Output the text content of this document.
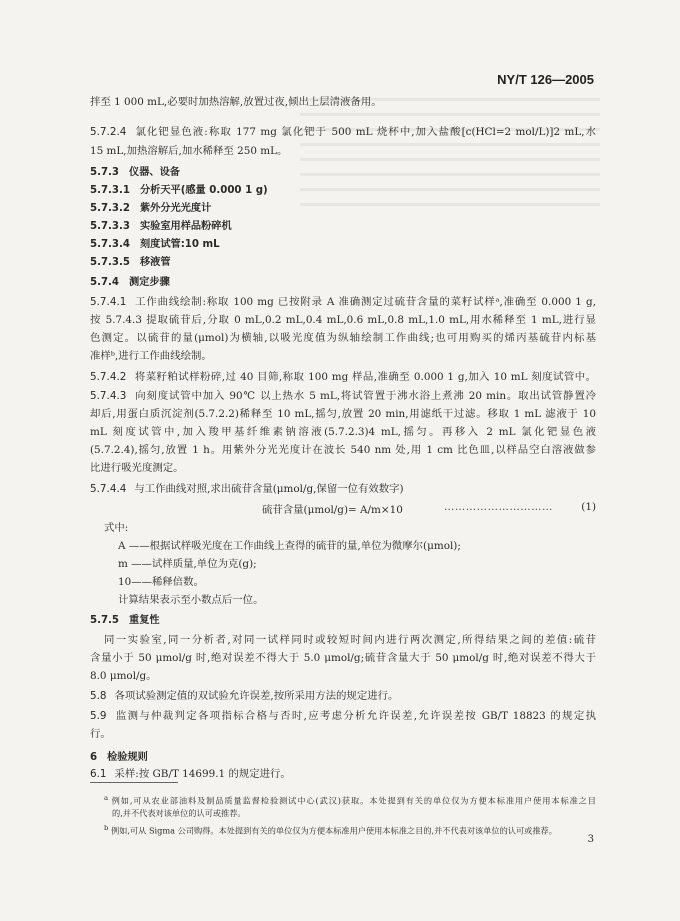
NY/T 126—2005
拌至 1 000 mL,必要时加热溶解,放置过夜,倾出上层清液备用。
5.7.2.4 氯化钯显色液:称取 177 mg 氯化钯于 500 mL 烧杯中,加入盐酸[c(HCl=2 mol/L)]2 mL,水
15 mL,加热溶解后,加水稀释至 250 mL。
5.7.3 仪器、设备
5.7.3.1 分析天平(感量 0.000 1 g)
5.7.3.2 紫外分光光度计
5.7.3.3 实验室用样品粉碎机
5.7.3.4 刻度试管:10 mL
5.7.3.5 移液管
5.7.4 测定步骤
5.7.4.1 工作曲线绘制:称取 100 mg 已按附录 A 准确测定过硫苷含量的菜籽试样ᵃ,准确至 0.000 1 g,
按 5.7.4.3 提取硫苷后,分取 0 mL,0.2 mL,0.4 mL,0.6 mL,0.8 mL,1.0 mL,用水稀释至 1 mL,进行显
色测定。以硫苷的量(μmol)为横轴,以吸光度值为纵轴绘制工作曲线;也可用购买的烯丙基硫苷内标基
准样ᵇ,进行工作曲线绘制。
5.7.4.2 将菜籽粕试样粉碎,过 40 目筛,称取 100 mg 样品,准确至 0.000 1 g,加入 10 mL 刻度试管中。
5.7.4.3 向刻度试管中加入 90℃ 以上热水 5 mL,将试管置于沸水浴上煮沸 20 min。取出试管静置冷
却后,用蛋白质沉淀剂(5.7.2.2)稀释至 10 mL,摇匀,放置 20 min,用滤纸干过滤。移取 1 mL 滤液于 10
mL 刻度试管中,加入羧甲基纤维素钠溶液(5.7.2.3)4 mL,摇匀。再移入 2 mL 氯化钯显色液
(5.7.2.4),摇匀,放置 1 h。用紫外分光光度计在波长 540 nm 处,用 1 cm 比色皿,以样品空白溶液做参
比进行吸光度测定。
5.7.4.4 与工作曲线对照,求出硫苷含量(μmol/g,保留一位有效数字)
硫苷含量(μmol/g)= A/m×10	…………………………	(1)
式中:
A ——根据试样吸光度在工作曲线上查得的硫苷的量,单位为微摩尔(μmol);
m ——试样质量,单位为克(g);
10——稀释倍数。
计算结果表示至小数点后一位。
5.7.5 重复性
同一实验室,同一分析者,对同一试样同时或较短时间内进行两次测定,所得结果之间的差值:硫苷
含量小于 50 μmol/g 时,绝对误差不得大于 5.0 μmol/g;硫苷含量大于 50 μmol/g 时,绝对误差不得大于
8.0 μmol/g。
5.8 各项试验测定值的双试验允许误差,按所采用方法的规定进行。
5.9 监测与仲裁判定各项指标合格与否时,应考虑分析允许误差,允许误差按 GB/T 18823 的规定执
行。
6 检验规则
6.1 采样:按 GB/T 14699.1 的规定进行。
$^a$ 例如,可从农业部油料及制品质量监督检验测试中心(武汉)获取。本处提到有关的单位仅为方便本标准用户使用本标准之目
的,并不代表对该单位的认可或推荐。
$^b$ 例如,可从 Sigma 公司购得。本处提到有关的单位仅为方便本标准用户使用本标准之目的,并不代表对该单位的认可或推荐。
3
